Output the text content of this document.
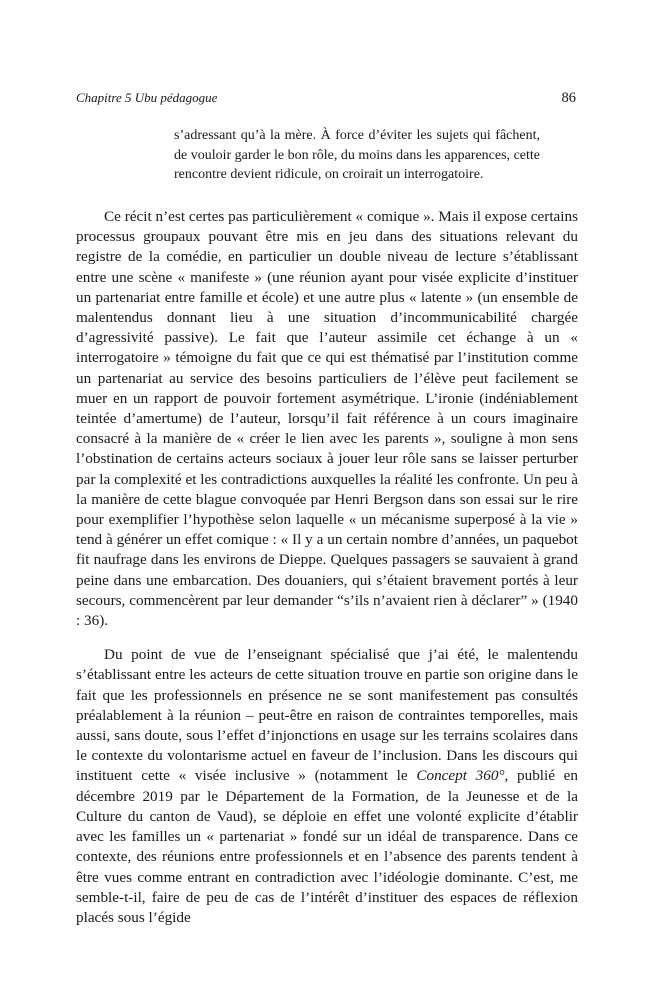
Chapitre 5 Ubu pédagogue	86

s’adressant qu’à la mère. À force d’éviter les sujets qui fâchent, de vouloir garder le bon rôle, du moins dans les apparences, cette rencontre devient ridicule, on croirait un interrogatoire.

Ce récit n’est certes pas particulièrement « comique ». Mais il expose certains processus groupaux pouvant être mis en jeu dans des situations relevant du registre de la comédie, en particulier un double niveau de lecture s’établissant entre une scène « manifeste » (une réunion ayant pour visée explicite d’instituer un partenariat entre famille et école) et une autre plus « latente » (un ensemble de malentendus donnant lieu à une situation d’incommunicabilité chargée d’agressivité passive). Le fait que l’auteur assimile cet échange à un « interrogatoire » témoigne du fait que ce qui est thématisé par l’institution comme un partenariat au service des besoins particuliers de l’élève peut facilement se muer en un rapport de pouvoir fortement asymétrique. L’ironie (indéniablement teintée d’amertume) de l’auteur, lorsqu’il fait référence à un cours imaginaire consacré à la manière de « créer le lien avec les parents », souligne à mon sens l’obstination de certains acteurs sociaux à jouer leur rôle sans se laisser perturber par la complexité et les contradictions auxquelles la réalité les confronte. Un peu à la manière de cette blague convoquée par Henri Bergson dans son essai sur le rire pour exemplifier l’hypothèse selon laquelle « un mécanisme superposé à la vie » tend à générer un effet comique : « Il y a un certain nombre d’années, un paquebot fit naufrage dans les environs de Dieppe. Quelques passagers se sauvaient à grand peine dans une embarcation. Des douaniers, qui s’étaient bravement portés à leur secours, commencèrent par leur demander “s’ils n’avaient rien à déclarer” » (1940 : 36).

Du point de vue de l’enseignant spécialisé que j’ai été, le malentendu s’établissant entre les acteurs de cette situation trouve en partie son origine dans le fait que les professionnels en présence ne se sont manifestement pas consultés préalablement à la réunion – peut-être en raison de contraintes temporelles, mais aussi, sans doute, sous l’effet d’injonctions en usage sur les terrains scolaires dans le contexte du volontarisme actuel en faveur de l’inclusion. Dans les discours qui instituent cette « visée inclusive » (notamment le Concept 360°, publié en décembre 2019 par le Département de la Formation, de la Jeunesse et de la Culture du canton de Vaud), se déploie en effet une volonté explicite d’établir avec les familles un « partenariat » fondé sur un idéal de transparence. Dans ce contexte, des réunions entre professionnels et en l’absence des parents tendent à être vues comme entrant en contradiction avec l’idéologie dominante. C’est, me semble-t-il, faire de peu de cas de l’intérêt d’instituer des espaces de réflexion placés sous l’égide
